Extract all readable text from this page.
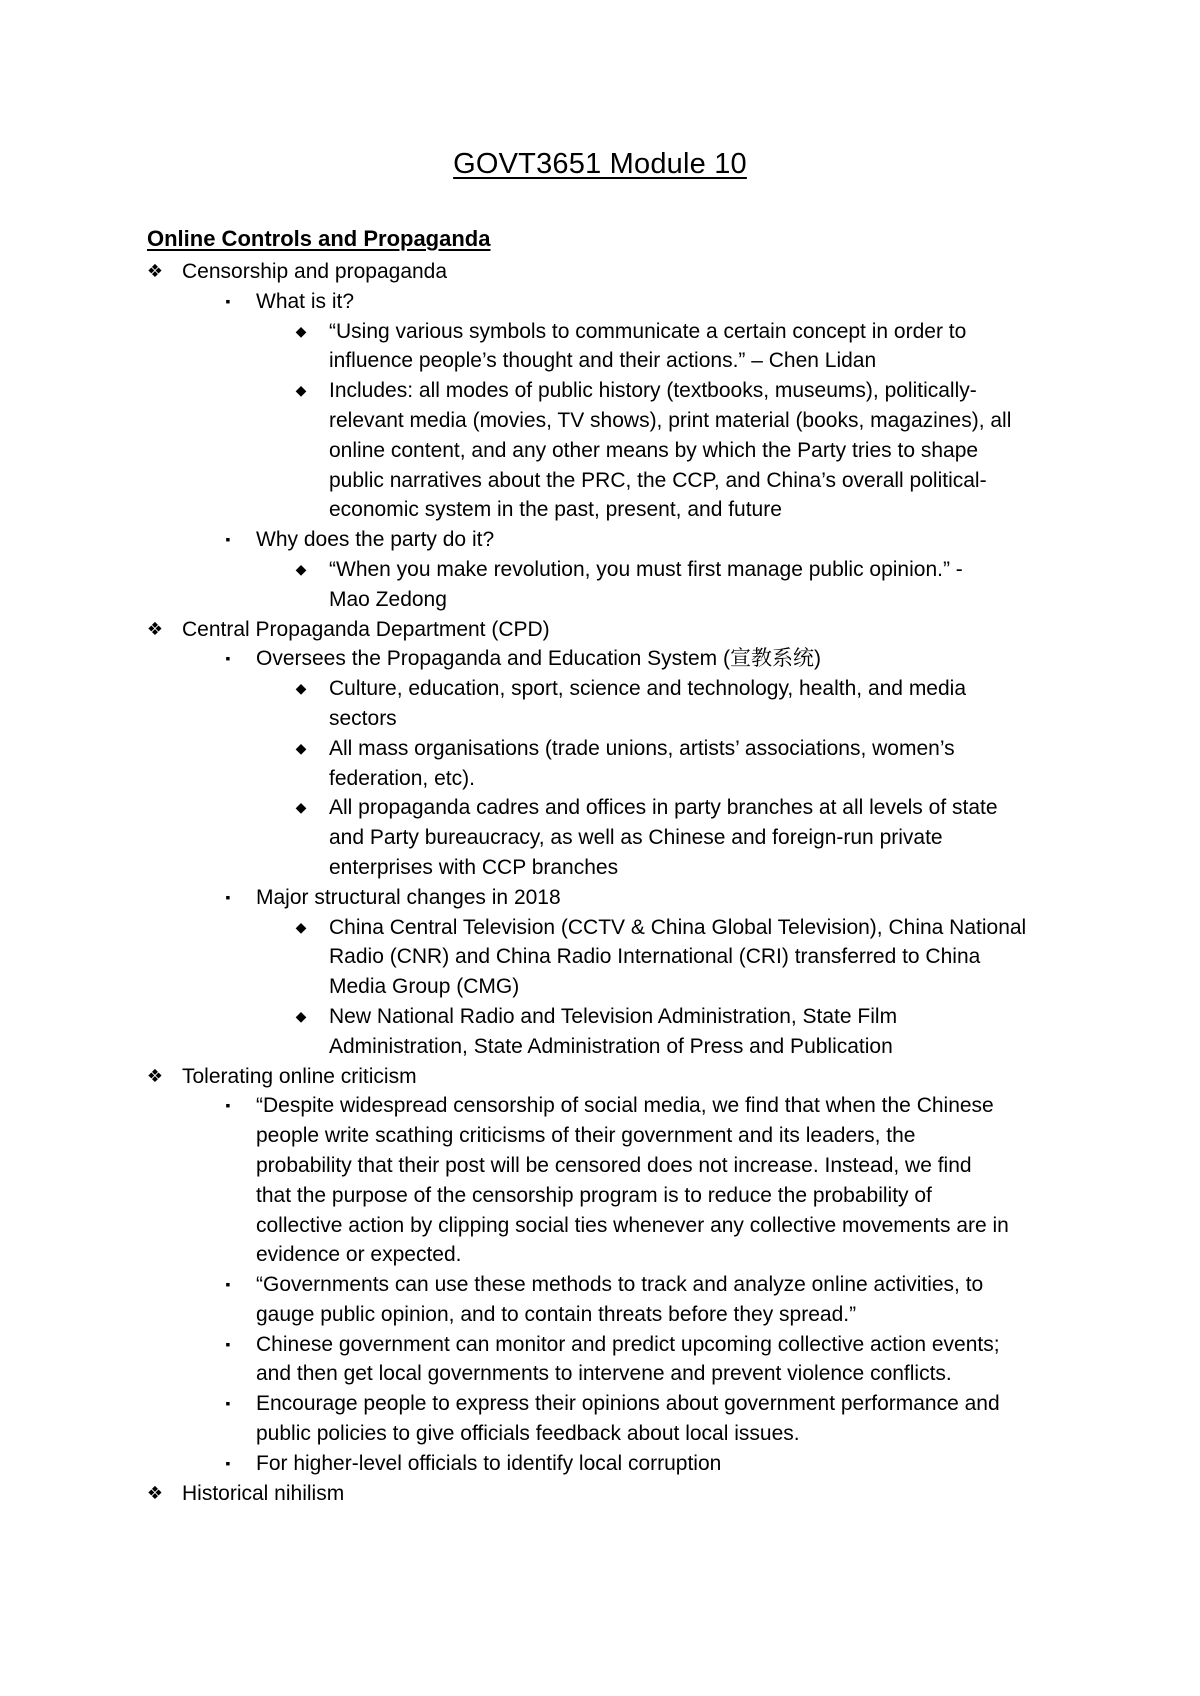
GOVT3651 Module 10
Online Controls and Propaganda
❖ Censorship and propaganda
▪	What is it?
◆ “Using various symbols to communicate a certain concept in order to
influence people’s thought and their actions.” – Chen Lidan
◆ Includes: all modes of public history (textbooks, museums), politically-
relevant media (movies, TV shows), print material (books, magazines), all
online content, and any other means by which the Party tries to shape
public narratives about the PRC, the CCP, and China’s overall political-
economic system in the past, present, and future
▪	Why does the party do it?
◆ “When you make revolution, you must first manage public opinion.” -
Mao Zedong
❖ Central Propaganda Department (CPD)
▪	Oversees the Propaganda and Education System (宣教系统)
◆ Culture, education, sport, science and technology, health, and media
sectors
◆ All mass organisations (trade unions, artists’ associations, women’s
federation, etc).
◆ All propaganda cadres and offices in party branches at all levels of state
and Party bureaucracy, as well as Chinese and foreign-run private
enterprises with CCP branches
▪	Major structural changes in 2018
◆ China Central Television (CCTV & China Global Television), China National
Radio (CNR) and China Radio International (CRI) transferred to China
Media Group (CMG)
◆ New National Radio and Television Administration, State Film
Administration, State Administration of Press and Publication
❖ Tolerating online criticism
▪	“Despite widespread censorship of social media, we find that when the Chinese
people write scathing criticisms of their government and its leaders, the
probability that their post will be censored does not increase. Instead, we find
that the purpose of the censorship program is to reduce the probability of
collective action by clipping social ties whenever any collective movements are in
evidence or expected.
▪	“Governments can use these methods to track and analyze online activities, to
gauge public opinion, and to contain threats before they spread.”
▪	Chinese government can monitor and predict upcoming collective action events;
and then get local governments to intervene and prevent violence conflicts.
▪	Encourage people to express their opinions about government performance and
public policies to give officials feedback about local issues.
▪	For higher-level officials to identify local corruption
❖ Historical nihilism
